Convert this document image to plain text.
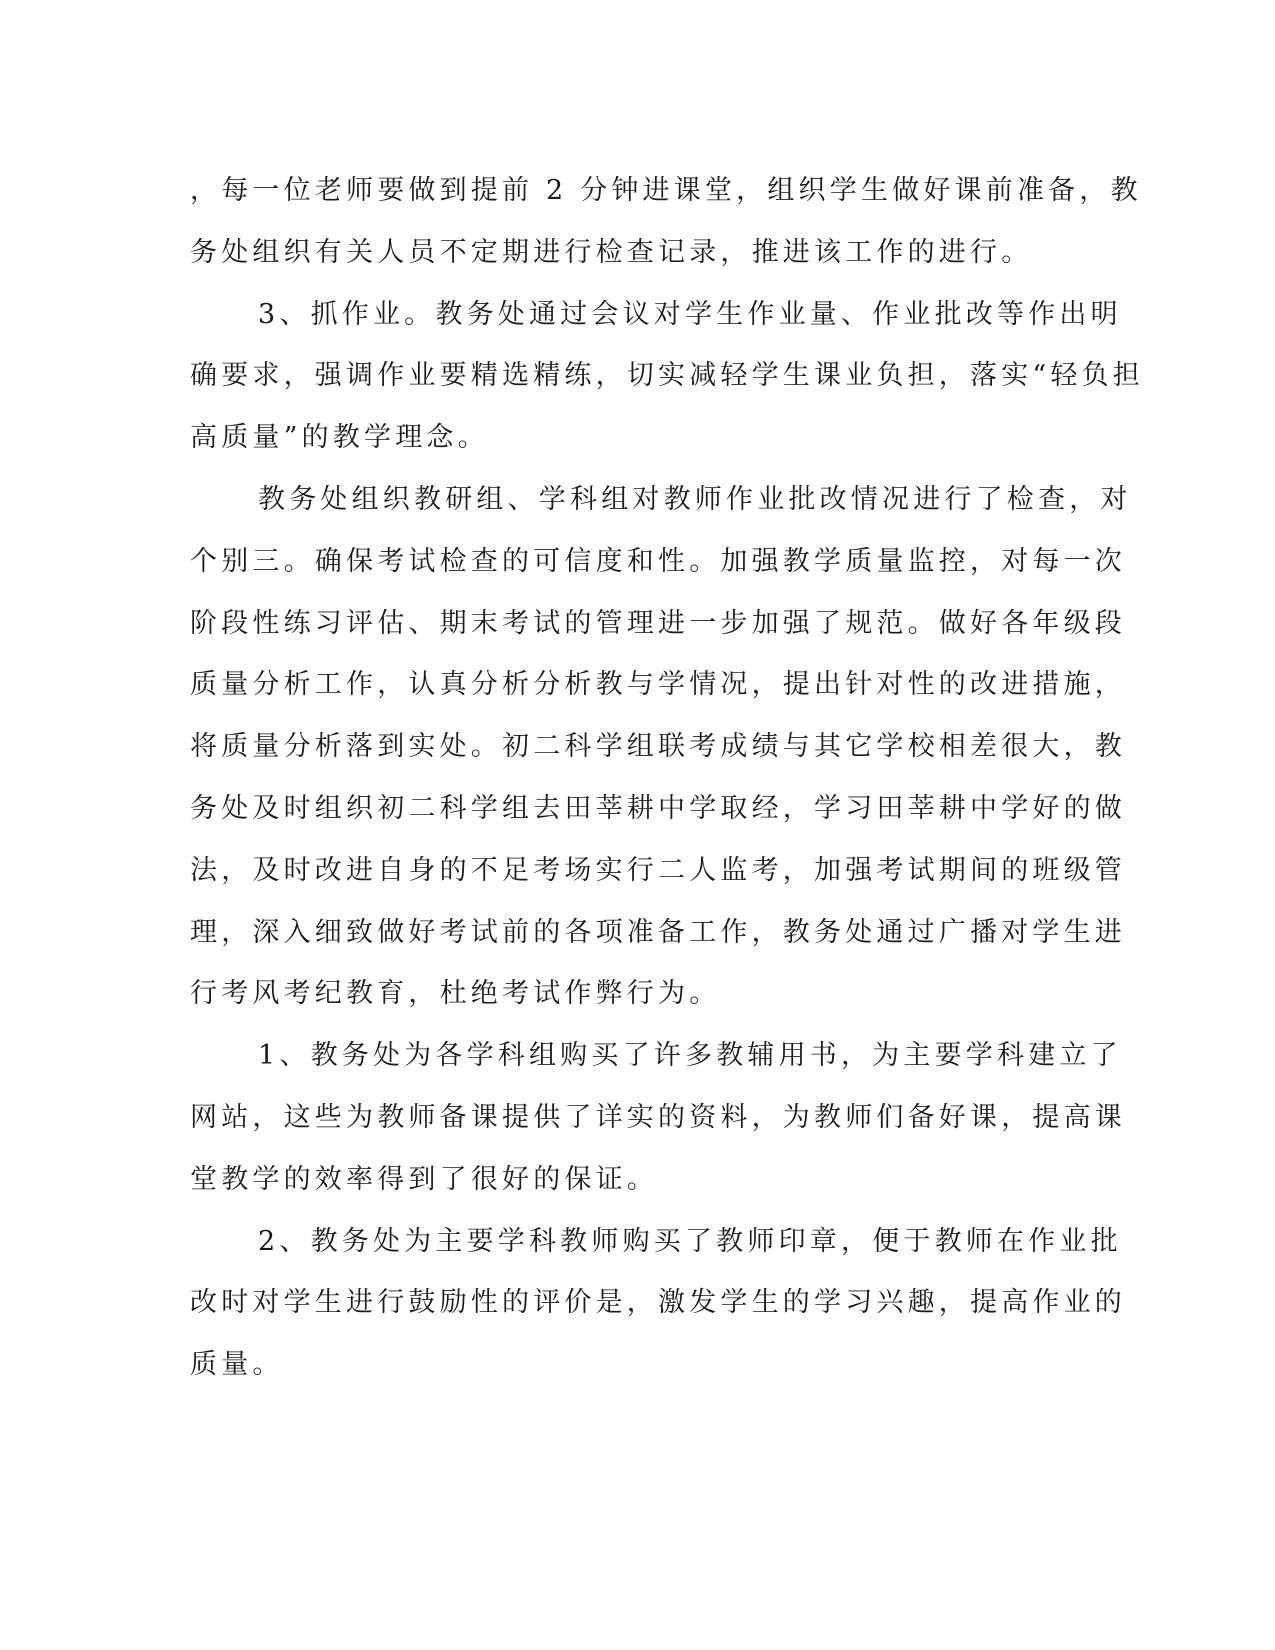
，每一位老师要做到提前 2 分钟进课堂，组织学生做好课前准备，教
务处组织有关人员不定期进行检查记录，推进该工作的进行。
3、抓作业。教务处通过会议对学生作业量、作业批改等作出明
确要求，强调作业要精选精练，切实减轻学生课业负担，落实“轻负担
高质量”的教学理念。
教务处组织教研组、学科组对教师作业批改情况进行了检查，对
个别三。确保考试检查的可信度和性。加强教学质量监控，对每一次
阶段性练习评估、期末考试的管理进一步加强了规范。做好各年级段
质量分析工作，认真分析分析教与学情况，提出针对性的改进措施，
将质量分析落到实处。初二科学组联考成绩与其它学校相差很大，教
务处及时组织初二科学组去田莘耕中学取经，学习田莘耕中学好的做
法，及时改进自身的不足考场实行二人监考，加强考试期间的班级管
理，深入细致做好考试前的各项准备工作，教务处通过广播对学生进
行考风考纪教育，杜绝考试作弊行为。
1、教务处为各学科组购买了许多教辅用书，为主要学科建立了
网站，这些为教师备课提供了详实的资料，为教师们备好课，提高课
堂教学的效率得到了很好的保证。
2、教务处为主要学科教师购买了教师印章，便于教师在作业批
改时对学生进行鼓励性的评价是，激发学生的学习兴趣，提高作业的
质量。
